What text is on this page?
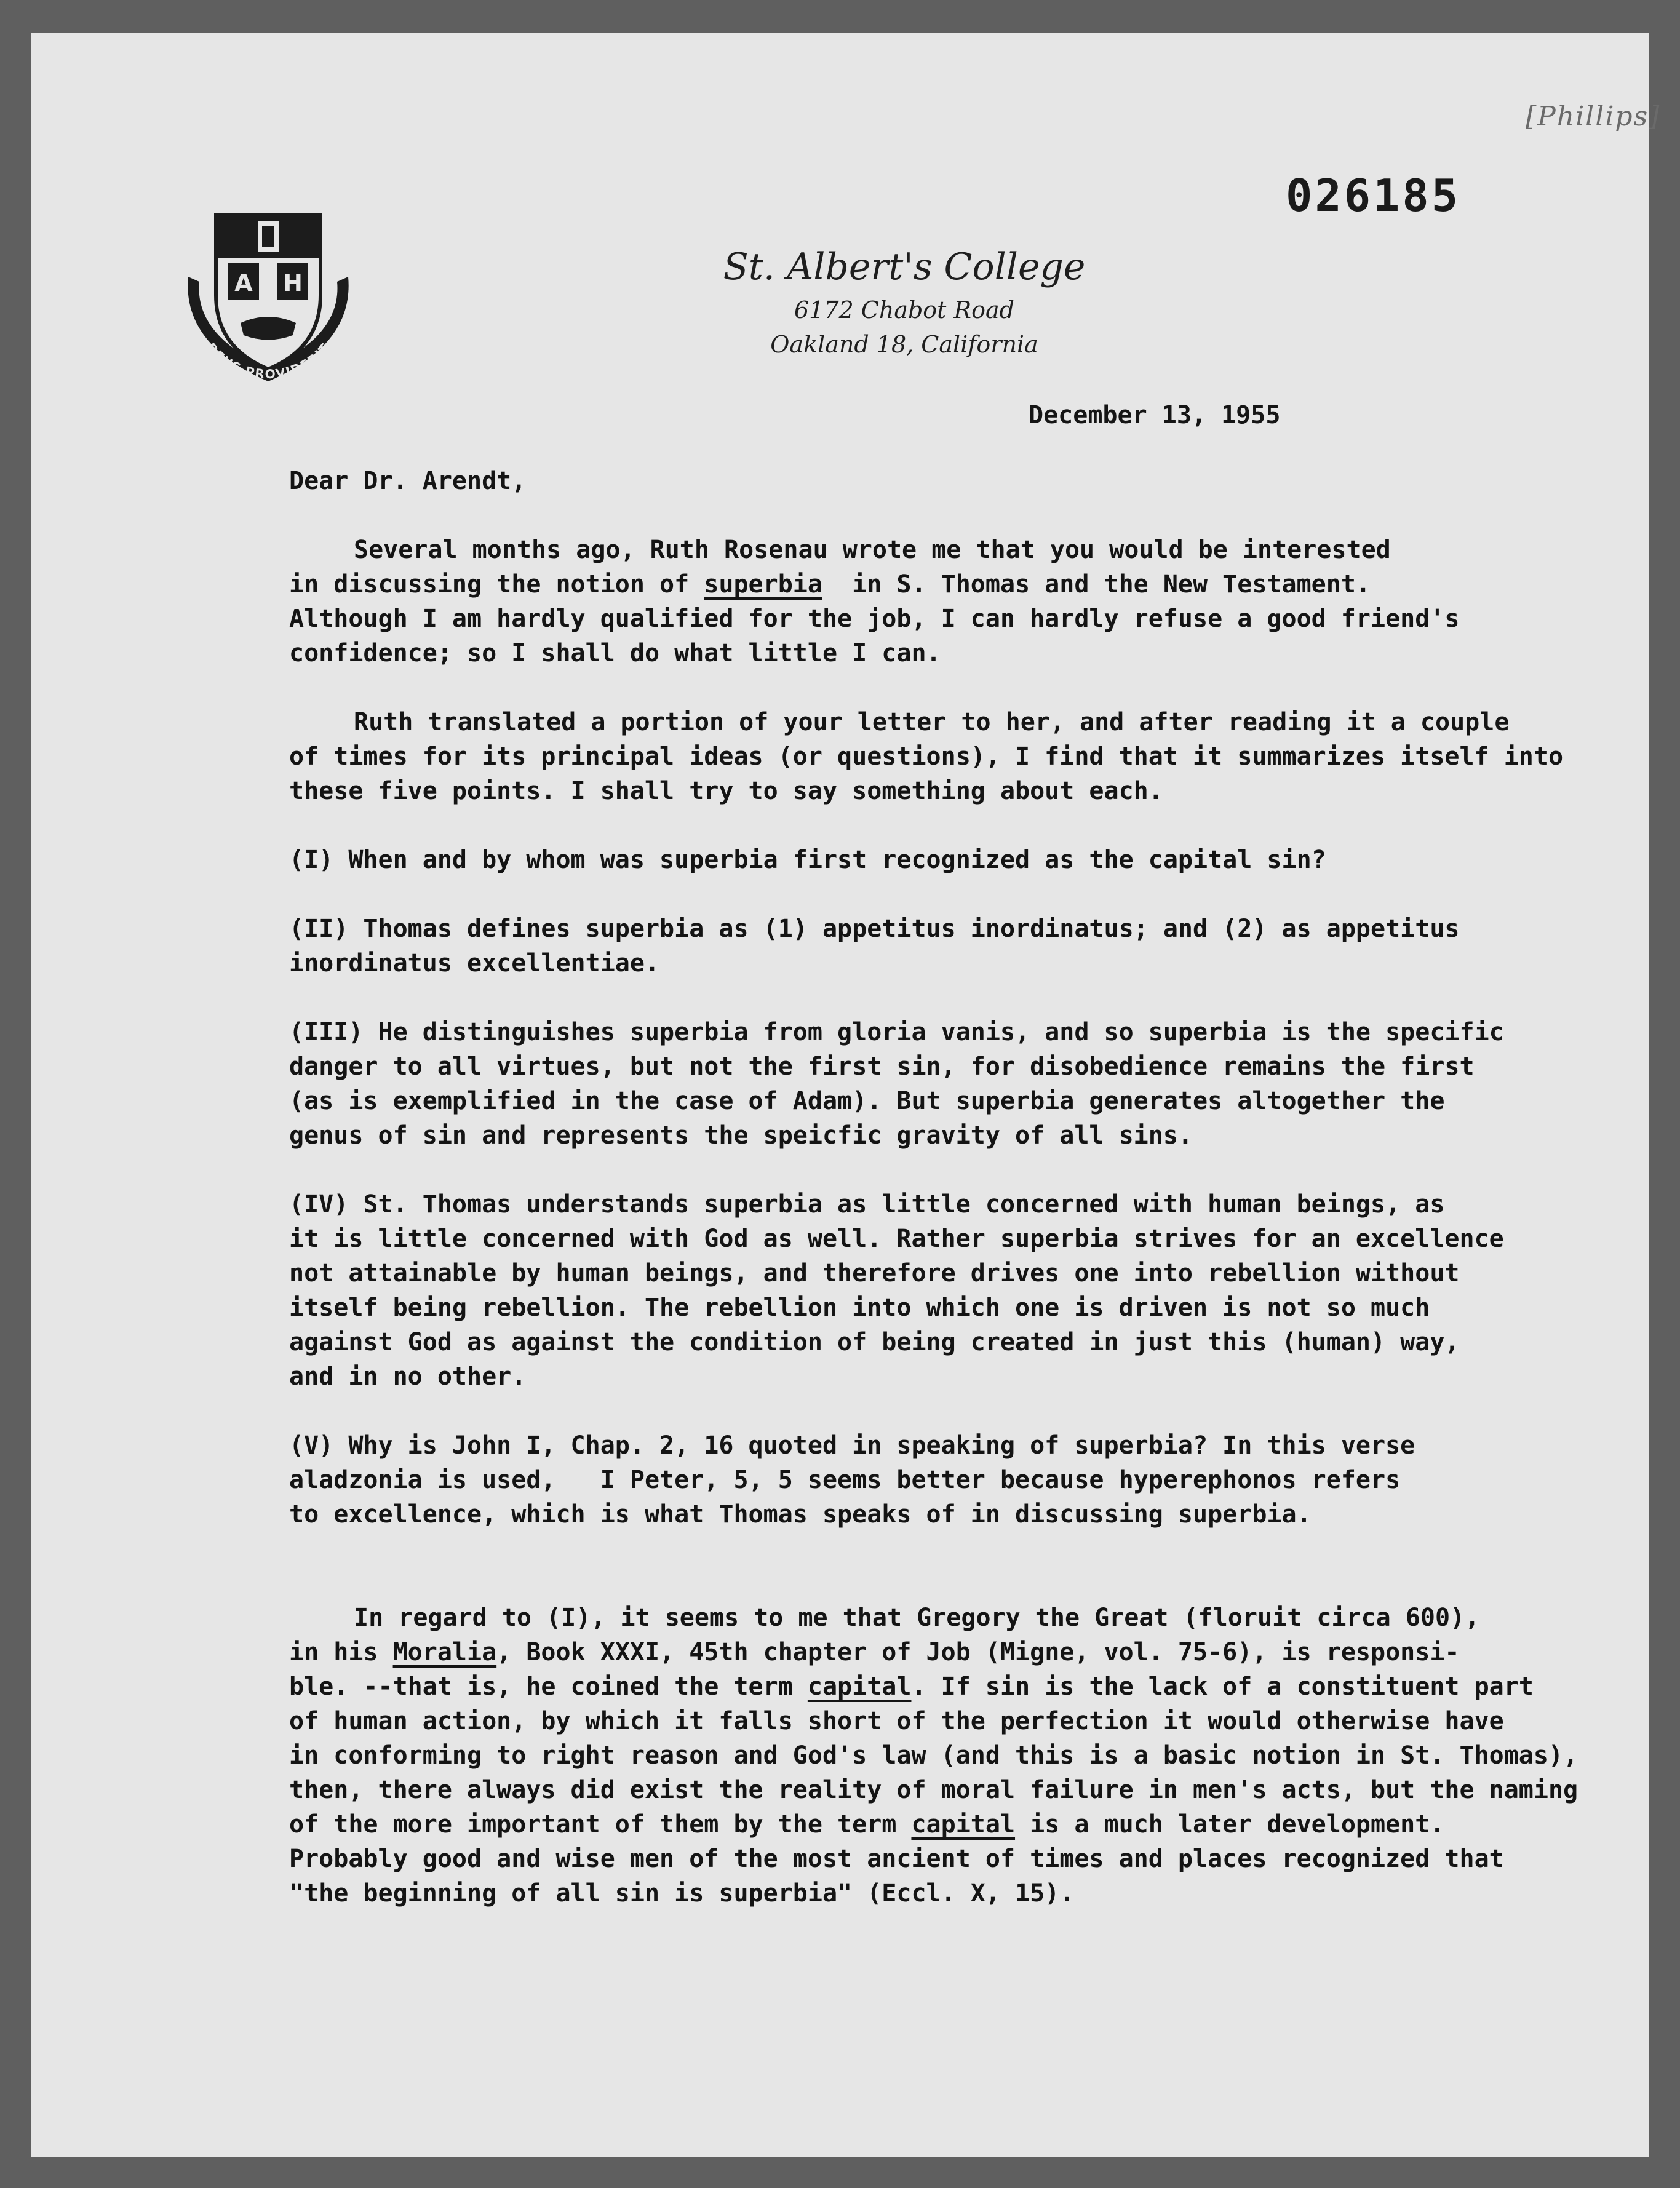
[Phillips]
026185
A H
DEUS PROVIDEBIT
St. Albert's College
6172 Chabot Road
Oakland 18, California
December 13, 1955

Dear Dr. Arendt,

Several months ago, Ruth Rosenau wrote me that you would be interested
in discussing the notion of superbia  in S. Thomas and the New Testament.
Although I am hardly qualified for the job, I can hardly refuse a good friend's
confidence; so I shall do what little I can.

Ruth translated a portion of your letter to her, and after reading it a couple
of times for its principal ideas (or questions), I find that it summarizes itself into
these five points. I shall try to say something about each.

(I) When and by whom was superbia first recognized as the capital sin?

(II) Thomas defines superbia as (1) appetitus inordinatus; and (2) as appetitus
inordinatus excellentiae.

(III) He distinguishes superbia from gloria vanis, and so superbia is the specific
danger to all virtues, but not the first sin, for disobedience remains the first
(as is exemplified in the case of Adam). But superbia generates altogether the
genus of sin and represents the speicfic gravity of all sins.

(IV) St. Thomas understands superbia as little concerned with human beings, as
it is little concerned with God as well. Rather superbia strives for an excellence
not attainable by human beings, and therefore drives one into rebellion without
itself being rebellion. The rebellion into which one is driven is not so much
against God as against the condition of being created in just this (human) way,
and in no other.

(V) Why is John I, Chap. 2, 16 quoted in speaking of superbia? In this verse
aladzonia is used,   I Peter, 5, 5 seems better because hyperephonos refers
to excellence, which is what Thomas speaks of in discussing superbia.

In regard to (I), it seems to me that Gregory the Great (floruit circa 600),
in his Moralia, Book XXXI, 45th chapter of Job (Migne, vol. 75-6), is responsi-
ble. --that is, he coined the term capital. If sin is the lack of a constituent part
of human action, by which it falls short of the perfection it would otherwise have
in conforming to right reason and God's law (and this is a basic notion in St. Thomas),
then, there always did exist the reality of moral failure in men's acts, but the naming
of the more important of them by the term capital is a much later development.
Probably good and wise men of the most ancient of times and places recognized that
"the beginning of all sin is superbia" (Eccl. X, 15).
